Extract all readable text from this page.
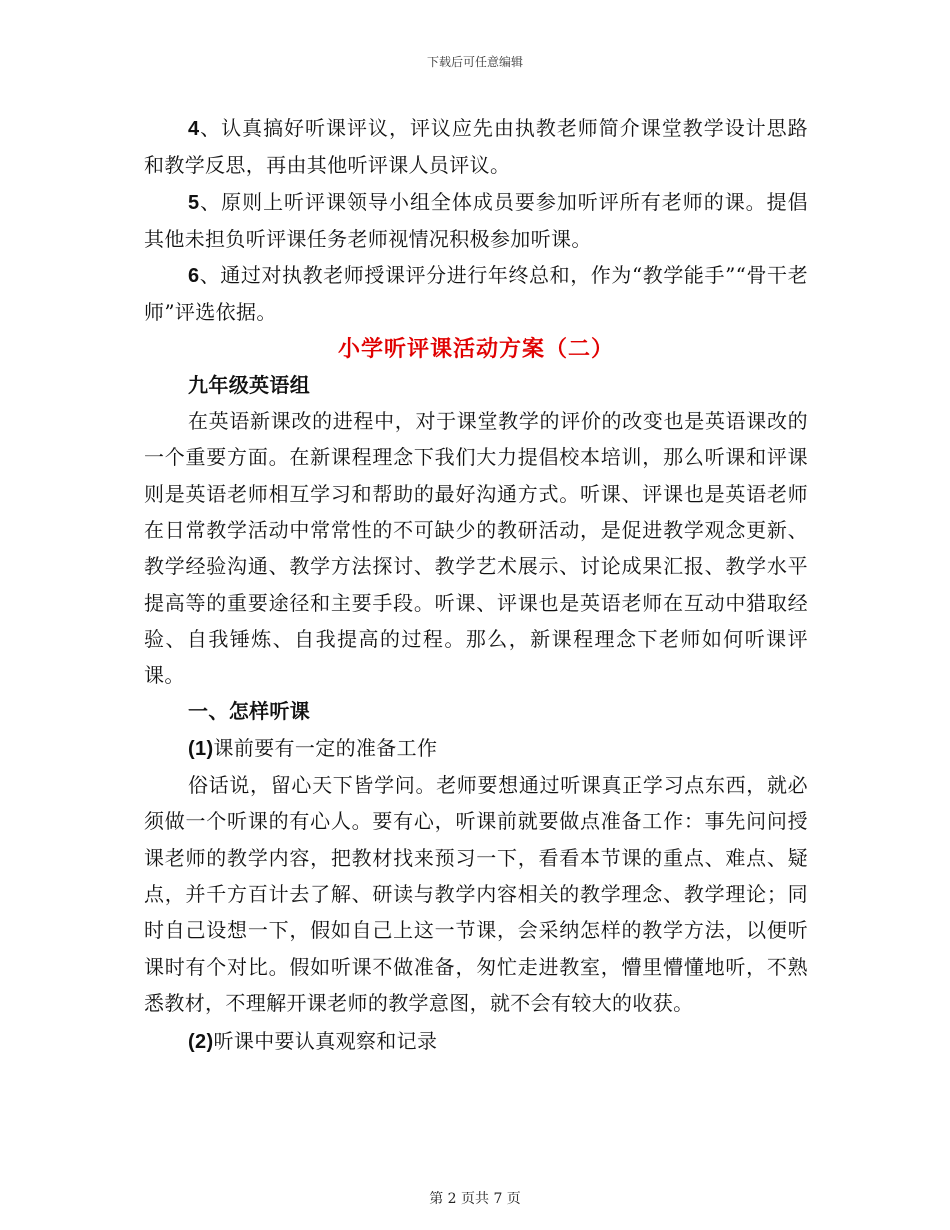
下载后可任意编辑

4、认真搞好听课评议，评议应先由执教老师简介课堂教学设计思路和教学反思，再由其他听评课人员评议。

5、原则上听评课领导小组全体成员要参加听评所有老师的课。提倡其他未担负听评课任务老师视情况积极参加听课。

6、通过对执教老师授课评分进行年终总和，作为“教学能手”“骨干老师”评选依据。

小学听评课活动方案（二）

九年级英语组

在英语新课改的进程中，对于课堂教学的评价的改变也是英语课改的一个重要方面。在新课程理念下我们大力提倡校本培训，那么听课和评课则是英语老师相互学习和帮助的最好沟通方式。听课、评课也是英语老师在日常教学活动中常常性的不可缺少的教研活动，是促进教学观念更新、教学经验沟通、教学方法探讨、教学艺术展示、讨论成果汇报、教学水平提高等的重要途径和主要手段。听课、评课也是英语老师在互动中猎取经验、自我锤炼、自我提高的过程。那么，新课程理念下老师如何听课评课。

一、怎样听课

(1)课前要有一定的准备工作

俗话说，留心天下皆学问。老师要想通过听课真正学习点东西，就必须做一个听课的有心人。要有心，听课前就要做点准备工作：事先问问授课老师的教学内容，把教材找来预习一下，看看本节课的重点、难点、疑点，并千方百计去了解、研读与教学内容相关的教学理念、教学理论；同时自己设想一下，假如自己上这一节课，会采纳怎样的教学方法，以便听课时有个对比。假如听课不做准备，匆忙走进教室，懵里懵懂地听，不熟悉教材，不理解开课老师的教学意图，就不会有较大的收获。

(2)听课中要认真观察和记录

第 2 页共 7 页
